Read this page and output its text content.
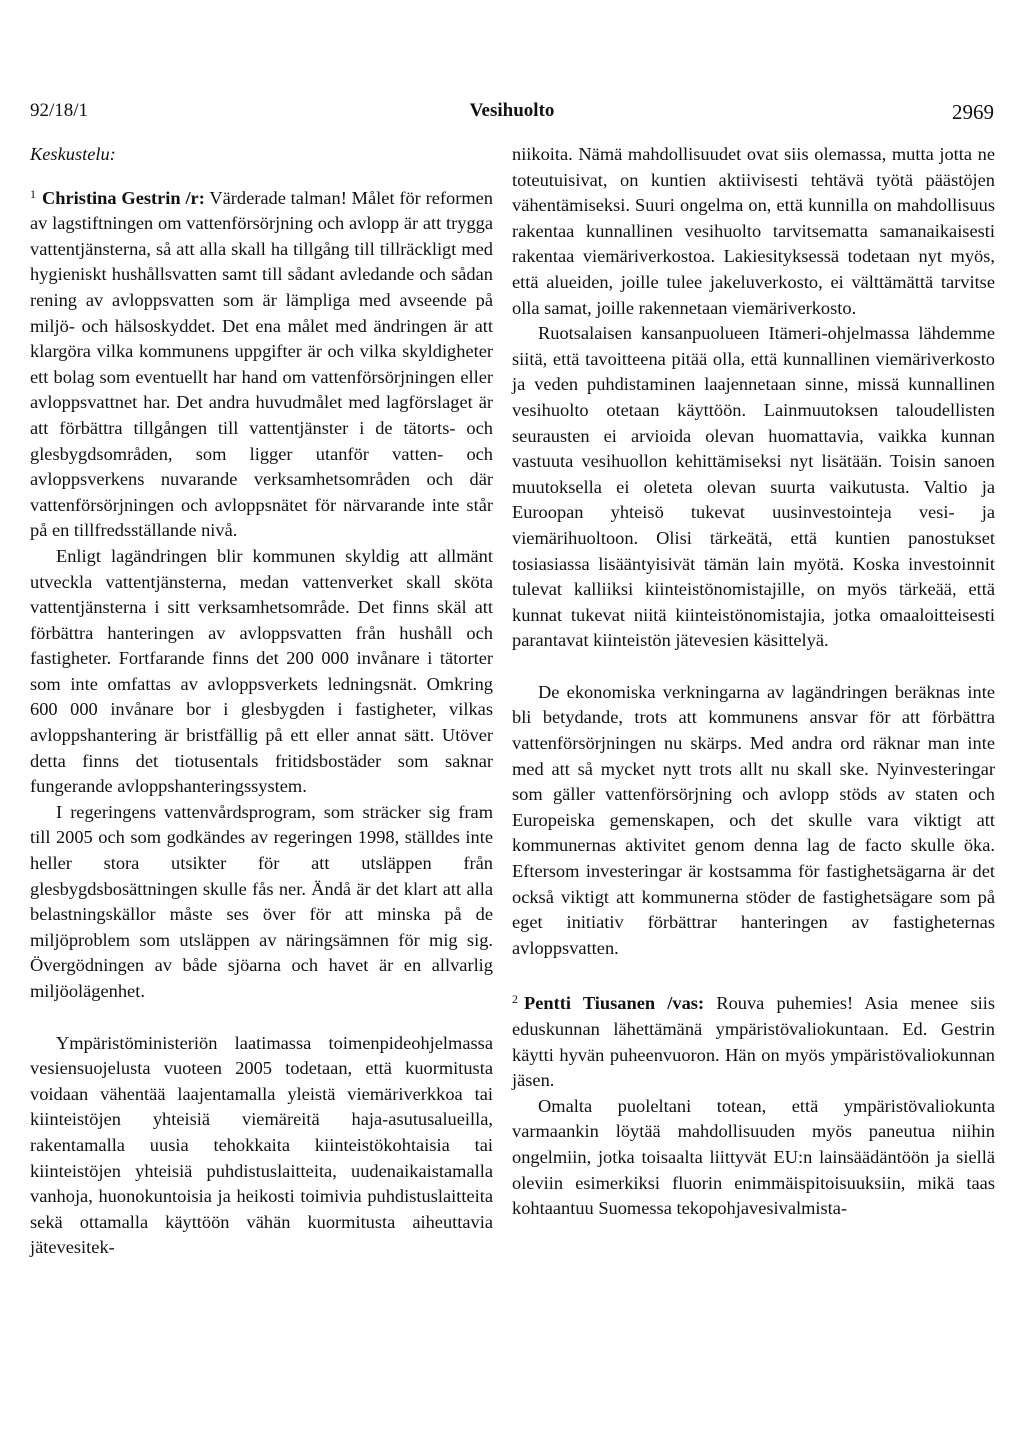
92/18/1	Vesihuolto	2969

Keskustelu:

$^1$ Christina Gestrin /r: Värderade talman! Målet för reformen av lagstiftningen om vattenförsörjning och avlopp är att trygga vattentjänsterna, så att alla skall ha tillgång till tillräckligt med hygieniskt hushållsvatten samt till sådant avledande och sådan rening av avloppsvatten som är lämpliga med avseende på miljö- och hälsoskyddet. Det ena målet med ändringen är att klargöra vilka kommunens uppgifter är och vilka skyldigheter ett bolag som eventuellt har hand om vattenförsörjningen eller avloppsvattnet har. Det andra huvudmålet med lagförslaget är att förbättra tillgången till vattentjänster i de tätorts- och glesbygdsområden, som ligger utanför vatten- och avloppsverkens nuvarande verksamhetsområden och där vattenförsörjningen och avloppsnätet för närvarande inte står på en tillfredsställande nivå.

Enligt lagändringen blir kommunen skyldig att allmänt utveckla vattentjänsterna, medan vattenverket skall sköta vattentjänsterna i sitt verksamhetsområde. Det finns skäl att förbättra hanteringen av avloppsvatten från hushåll och fastigheter. Fortfarande finns det 200 000 invånare i tätorter som inte omfattas av avloppsverkets ledningsnät. Omkring 600 000 invånare bor i glesbygden i fastigheter, vilkas avloppshantering är bristfällig på ett eller annat sätt. Utöver detta finns det tiotusentals fritidsbostäder som saknar fungerande avloppshanteringssystem.

I regeringens vattenvårdsprogram, som sträcker sig fram till 2005 och som godkändes av regeringen 1998, ställdes inte heller stora utsikter för att utsläppen från glesbygdsbosättningen skulle fås ner. Ändå är det klart att alla belastningskällor måste ses över för att minska på de miljöproblem som utsläppen av näringsämnen för mig sig. Övergödningen av både sjöarna och havet är en allvarlig miljöolägenhet.

Ympäristöministeriön laatimassa toimenpideohjelmassa vesiensuojelusta vuoteen 2005 todetaan, että kuormitusta voidaan vähentää laajentamalla yleistä viemäriverkkoa tai kiinteistöjen yhteisiä viemäreitä haja-asutusalueilla, rakentamalla uusia tehokkaita kiinteistökohtaisia tai kiinteistöjen yhteisiä puhdistuslaitteita, uudenaikaistamalla vanhoja, huonokuntoisia ja heikosti toimivia puhdistuslaitteita sekä ottamalla käyttöön vähän kuormitusta aiheuttavia jätevesitek-

niikoita. Nämä mahdollisuudet ovat siis olemassa, mutta jotta ne toteutuisivat, on kuntien aktiivisesti tehtävä työtä päästöjen vähentämiseksi. Suuri ongelma on, että kunnilla on mahdollisuus rakentaa kunnallinen vesihuolto tarvitsematta samanaikaisesti rakentaa viemäriverkostoa. Lakiesityksessä todetaan nyt myös, että alueiden, joille tulee jakeluverkosto, ei välttämättä tarvitse olla samat, joille rakennetaan viemäriverkosto.

Ruotsalaisen kansanpuolueen Itämeri-ohjelmassa lähdemme siitä, että tavoitteena pitää olla, että kunnallinen viemäriverkosto ja veden puhdistaminen laajennetaan sinne, missä kunnallinen vesihuolto otetaan käyttöön. Lainmuutoksen taloudellisten seurausten ei arvioida olevan huomattavia, vaikka kunnan vastuuta vesihuollon kehittämiseksi nyt lisätään. Toisin sanoen muutoksella ei oleteta olevan suurta vaikutusta. Valtio ja Euroopan yhteisö tukevat uusinvestointeja vesi- ja viemärihuoltoon. Olisi tärkeätä, että kuntien panostukset tosiasiassa lisääntyisivät tämän lain myötä. Koska investoinnit tulevat kalliiksi kiinteistönomistajille, on myös tärkeää, että kunnat tukevat niitä kiinteistönomistajia, jotka omaaloitteisesti parantavat kiinteistön jätevesien käsittelyä.

De ekonomiska verkningarna av lagändringen beräknas inte bli betydande, trots att kommunens ansvar för att förbättra vattenförsörjningen nu skärps. Med andra ord räknar man inte med att så mycket nytt trots allt nu skall ske. Nyinvesteringar som gäller vattenförsörjning och avlopp stöds av staten och Europeiska gemenskapen, och det skulle vara viktigt att kommunernas aktivitet genom denna lag de facto skulle öka. Eftersom investeringar är kostsamma för fastighetsägarna är det också viktigt att kommunerna stöder de fastighetsägare som på eget initiativ förbättrar hanteringen av fastigheternas avloppsvatten.

$^2$ Pentti Tiusanen /vas: Rouva puhemies! Asia menee siis eduskunnan lähettämänä ympäristövaliokuntaan. Ed. Gestrin käytti hyvän puheenvuoron. Hän on myös ympäristövaliokunnan jäsen.

Omalta puoleltani totean, että ympäristövaliokunta varmaankin löytää mahdollisuuden myös paneutua niihin ongelmiin, jotka toisaalta liittyvät EU:n lainsäädäntöön ja siellä oleviin esimerkiksi fluorin enimmäispitoisuuksiin, mikä taas kohtaantuu Suomessa tekopohjavesivalmista-
